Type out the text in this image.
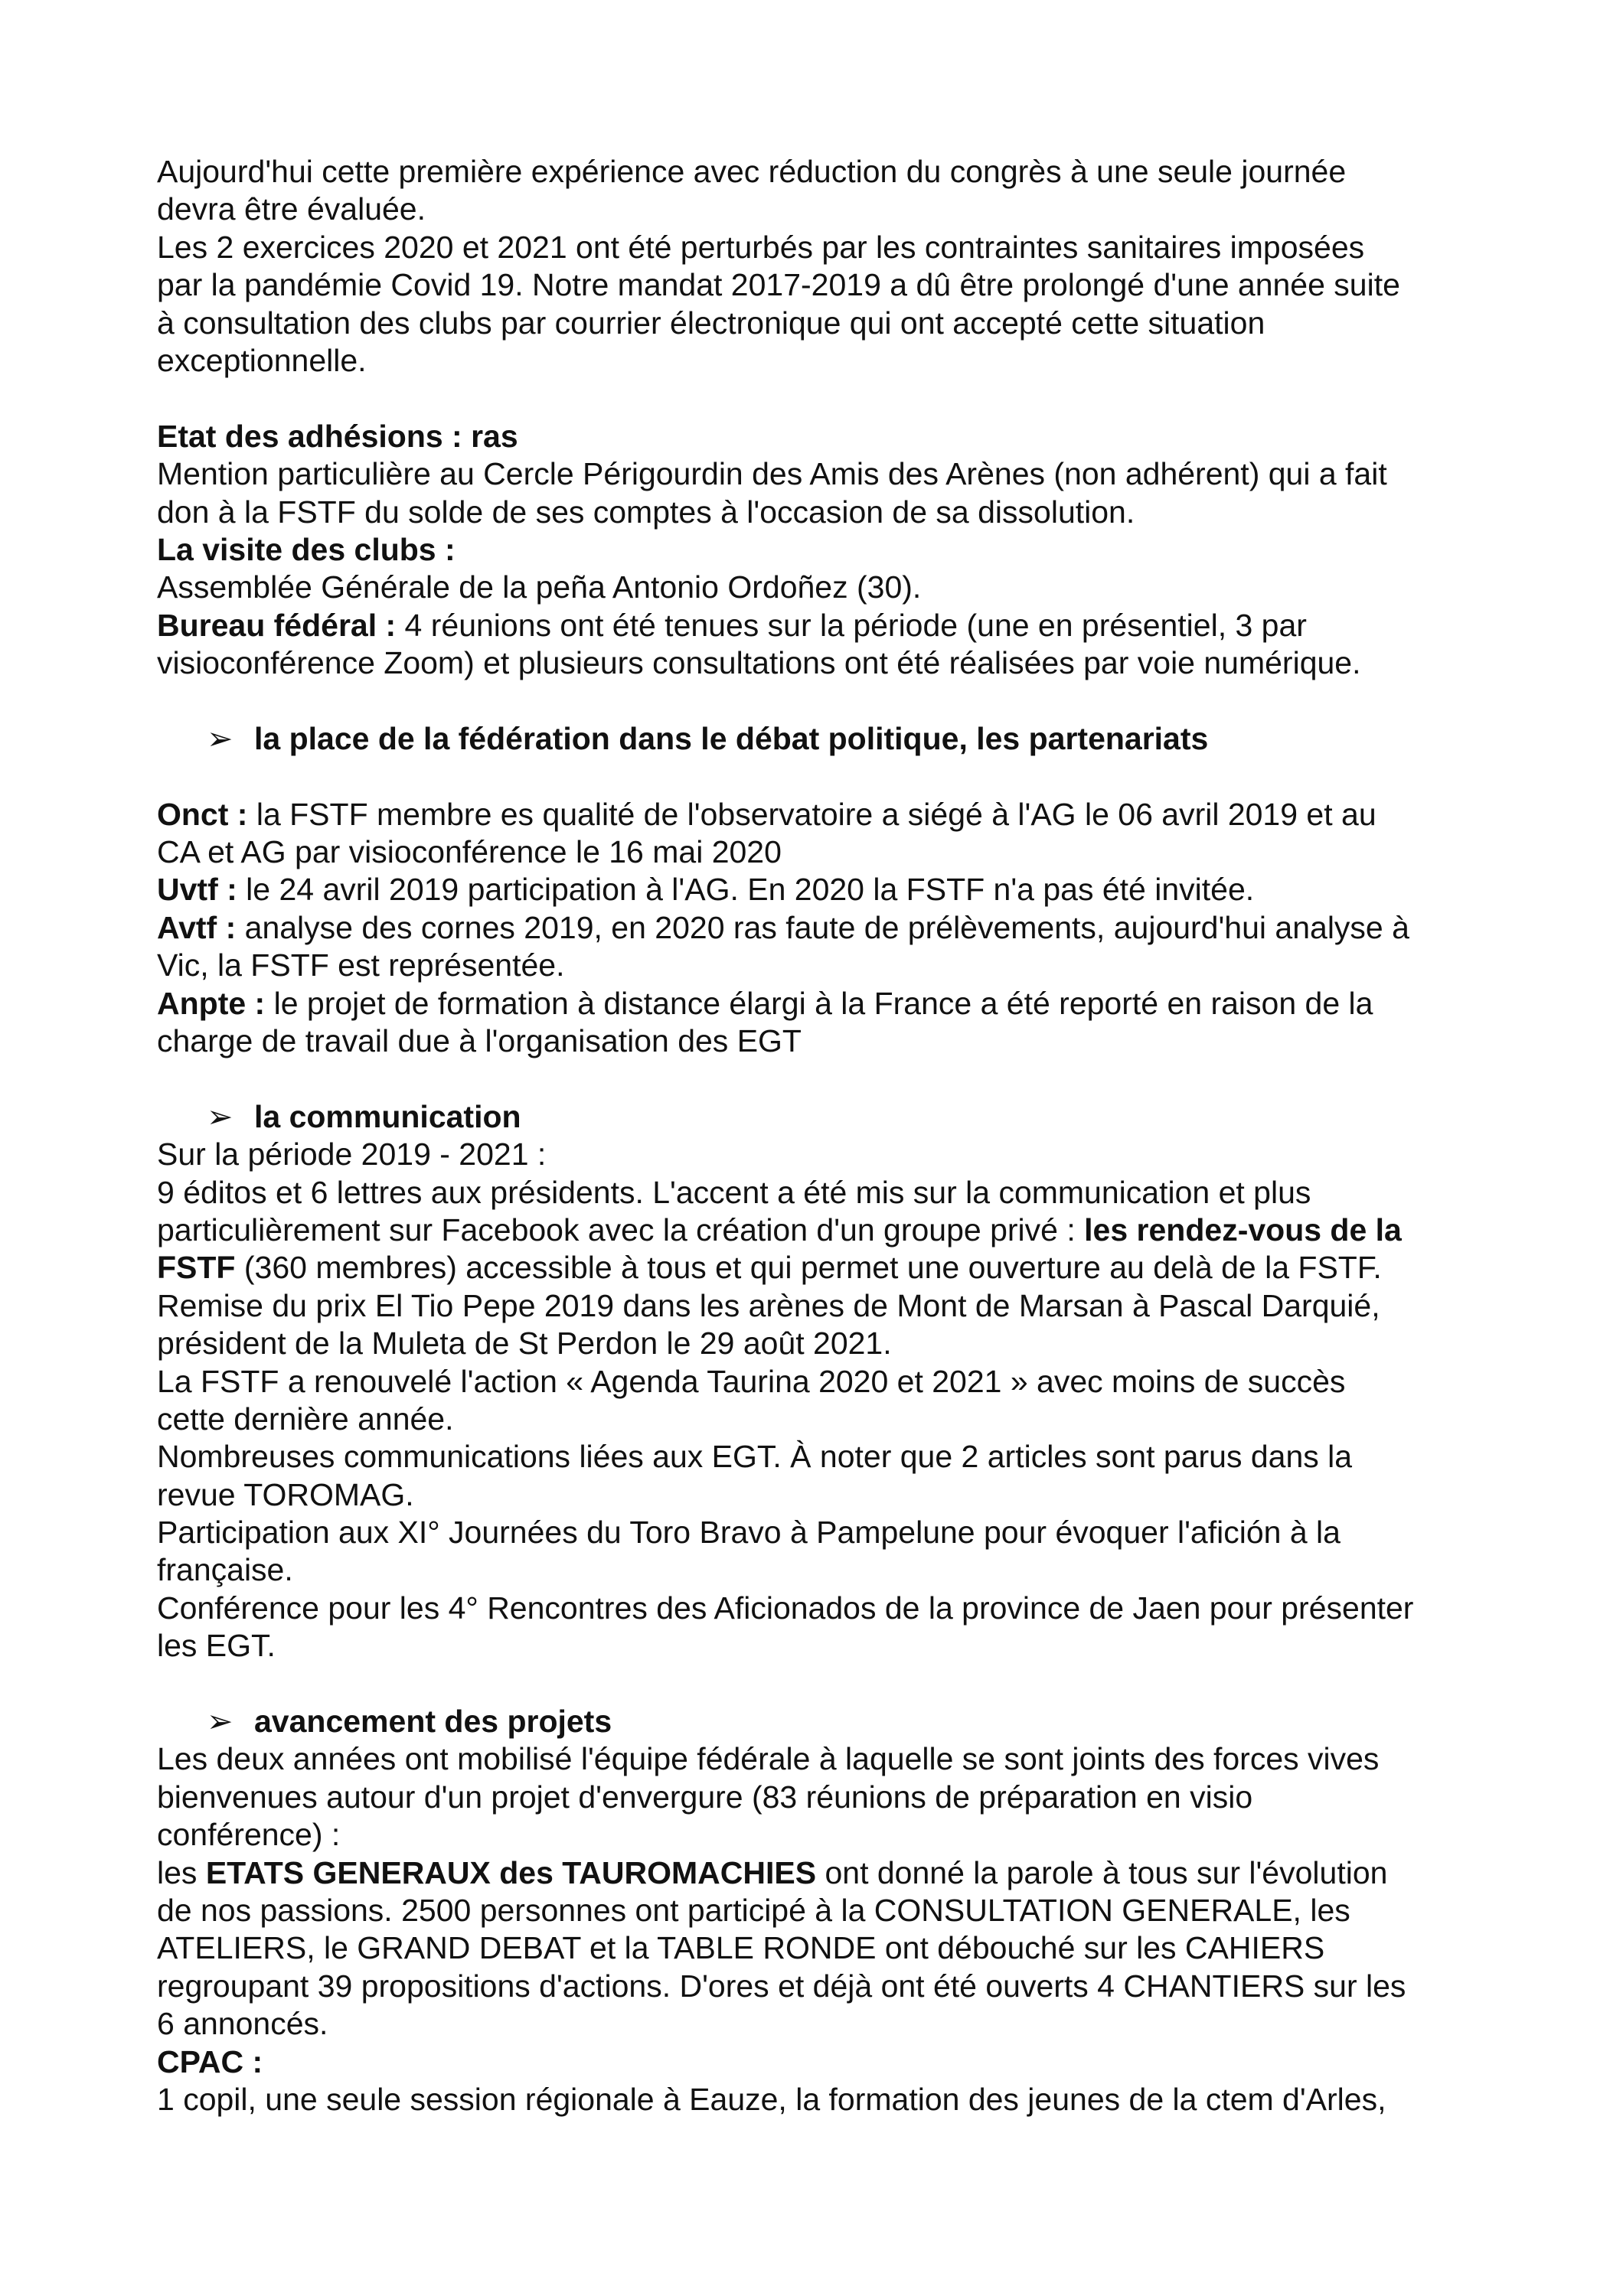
Aujourd'hui cette première expérience avec réduction du congrès à une seule journée
devra être évaluée.
Les 2 exercices 2020 et 2021 ont été perturbés par les contraintes sanitaires imposées
par la pandémie Covid 19. Notre mandat 2017-2019 a dû être prolongé d'une année suite
à consultation des clubs par courrier électronique qui ont accepté cette situation
exceptionnelle.
Etat des adhésions : ras
Mention particulière au Cercle Périgourdin des Amis des Arènes (non adhérent) qui a fait
don à la FSTF du solde de ses comptes à l'occasion de sa dissolution.
La visite des clubs :
Assemblée Générale de la peña Antonio Ordoñez (30).
Bureau fédéral : 4 réunions ont été tenues sur la période (une en présentiel, 3 par
visioconférence Zoom) et plusieurs consultations ont été réalisées par voie numérique.
➢ la place de la fédération dans le débat politique, les partenariats
Onct : la FSTF membre es qualité de l'observatoire a siégé à l'AG le 06 avril 2019 et au
CA et AG par visioconférence le 16 mai 2020
Uvtf : le 24 avril 2019 participation à l'AG. En 2020 la FSTF n'a pas été invitée.
Avtf : analyse des cornes 2019, en 2020 ras faute de prélèvements, aujourd'hui analyse à
Vic, la FSTF est représentée.
Anpte : le projet de formation à distance élargi à la France a été reporté en raison de la
charge de travail due à l'organisation des EGT
➢ la communication
Sur la période 2019 - 2021 :
9 éditos et 6 lettres aux présidents. L'accent a été mis sur la communication et plus
particulièrement sur Facebook avec la création d'un groupe privé : les rendez-vous de la
FSTF (360 membres) accessible à tous et qui permet une ouverture au delà de la FSTF.
Remise du prix El Tio Pepe 2019 dans les arènes de Mont de Marsan à Pascal Darquié,
président de la Muleta de St Perdon le 29 août 2021.
La FSTF a renouvelé l'action « Agenda Taurina 2020 et 2021 » avec moins de succès
cette dernière année.
Nombreuses communications liées aux EGT. À noter que 2 articles sont parus dans la
revue TOROMAG.
Participation aux XI° Journées du Toro Bravo à Pampelune pour évoquer l'afición à la
française.
Conférence pour les 4° Rencontres des Aficionados de la province de Jaen pour présenter
les EGT.
➢ avancement des projets
Les deux années ont mobilisé l'équipe fédérale à laquelle se sont joints des forces vives
bienvenues autour d'un projet d'envergure (83 réunions de préparation en visio
conférence) :
les ETATS GENERAUX des TAUROMACHIES ont donné la parole à tous sur l'évolution
de nos passions. 2500 personnes ont participé à la CONSULTATION GENERALE, les
ATELIERS, le GRAND DEBAT et la TABLE RONDE ont débouché sur les CAHIERS
regroupant 39 propositions d'actions. D'ores et déjà ont été ouverts 4 CHANTIERS sur les
6 annoncés.
CPAC :
1 copil, une seule session régionale à Eauze, la formation des jeunes de la ctem d'Arles,
